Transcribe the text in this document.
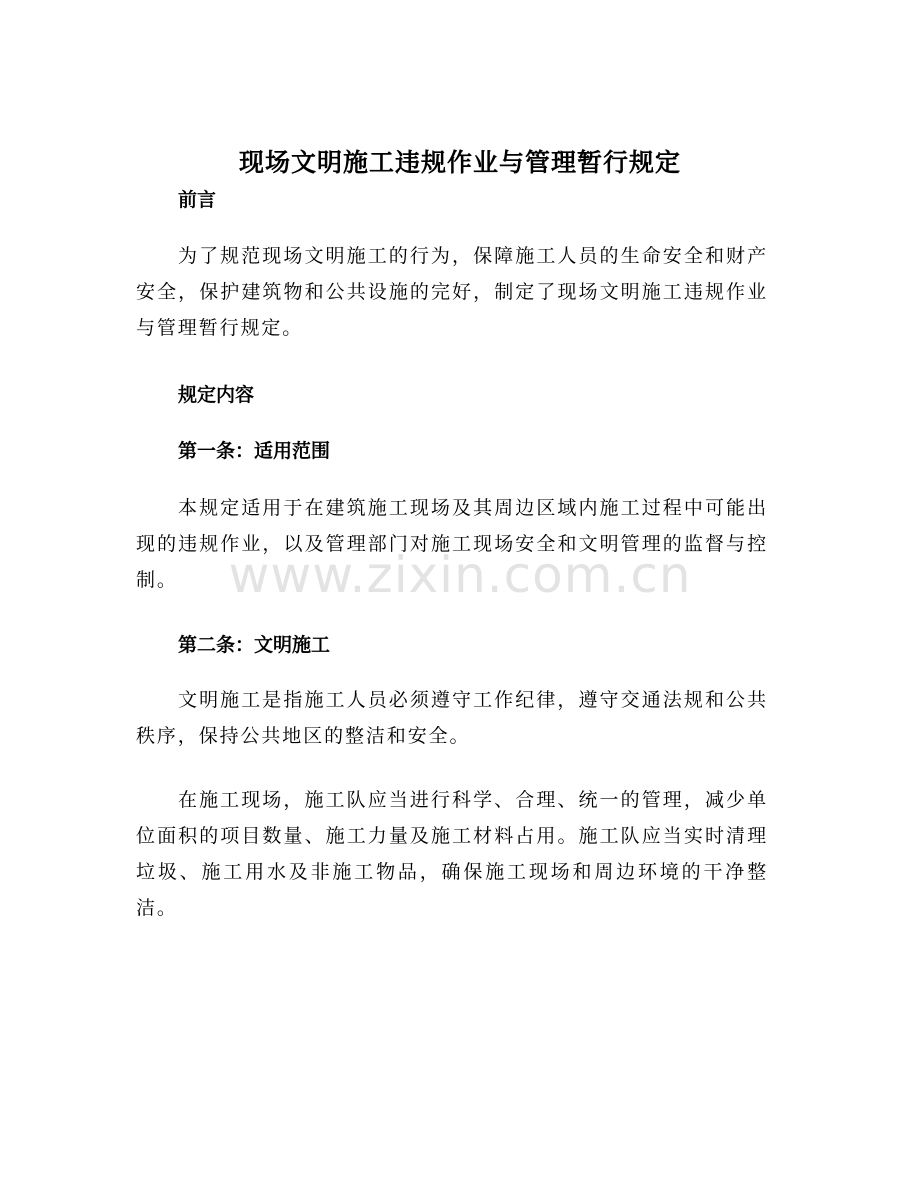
现场文明施工违规作业与管理暂行规定
前言

为了规范现场文明施工的行为，保障施工人员的生命安全和财产安全，保护建筑物和公共设施的完好，制定了现场文明施工违规作业与管理暂行规定。

规定内容
第一条：适用范围

本规定适用于在建筑施工现场及其周边区域内施工过程中可能出现的违规作业，以及管理部门对施工现场安全和文明管理的监督与控制。

第二条：文明施工

文明施工是指施工人员必须遵守工作纪律，遵守交通法规和公共秩序，保持公共地区的整洁和安全。

在施工现场，施工队应当进行科学、合理、统一的管理，减少单位面积的项目数量、施工力量及施工材料占用。施工队应当实时清理垃圾、施工用水及非施工物品，确保施工现场和周边环境的干净整洁。

www.zixin.com.cn
